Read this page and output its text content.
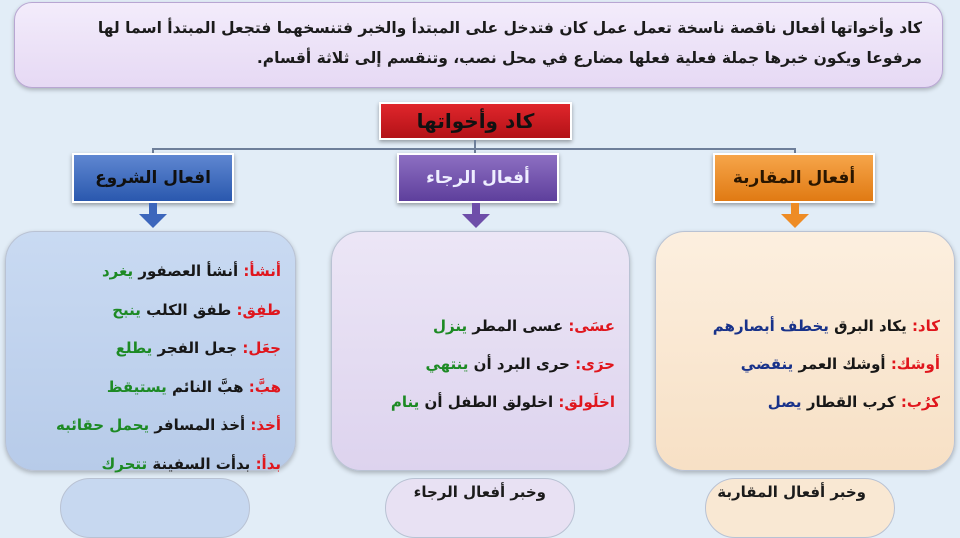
كاد وأخواتها أفعال ناقصة ناسخة تعمل عمل كان فتدخل على المبتدأ والخبر فتنسخهما فتجعل المبتدأ اسما لها
مرفوعا ويكون خبرها جملة فعلية فعلها مضارع في محل نصب، وتنقسم إلى ثلاثة أقسام.
كاد وأخواتها
افعال الشروع	أفعال الرجاء	أفعال المقاربة
أنشأ: أنشأ العصفور يغرد
طفِق: طفق الكلب ينبح
جعَل: جعل الفجر يطلع
هبَّ: هبَّ النائم يستيقظ
أخذ: أخذ المسافر يحمل حقائبه
بدأ: بدأت السفينة تتحرك
عسَى: عسى المطر ينزل
حرَى: حرى البرد أن ينتهي
اخلَولق: اخلولق الطفل أن ينام
كاد: يكاد البرق يخطف أبصارهم
أوشك: أوشك العمر ينقضي
كرُب: كرب القطار يصل
وخبر أفعال الرجاء	وخبر أفعال المقاربة
